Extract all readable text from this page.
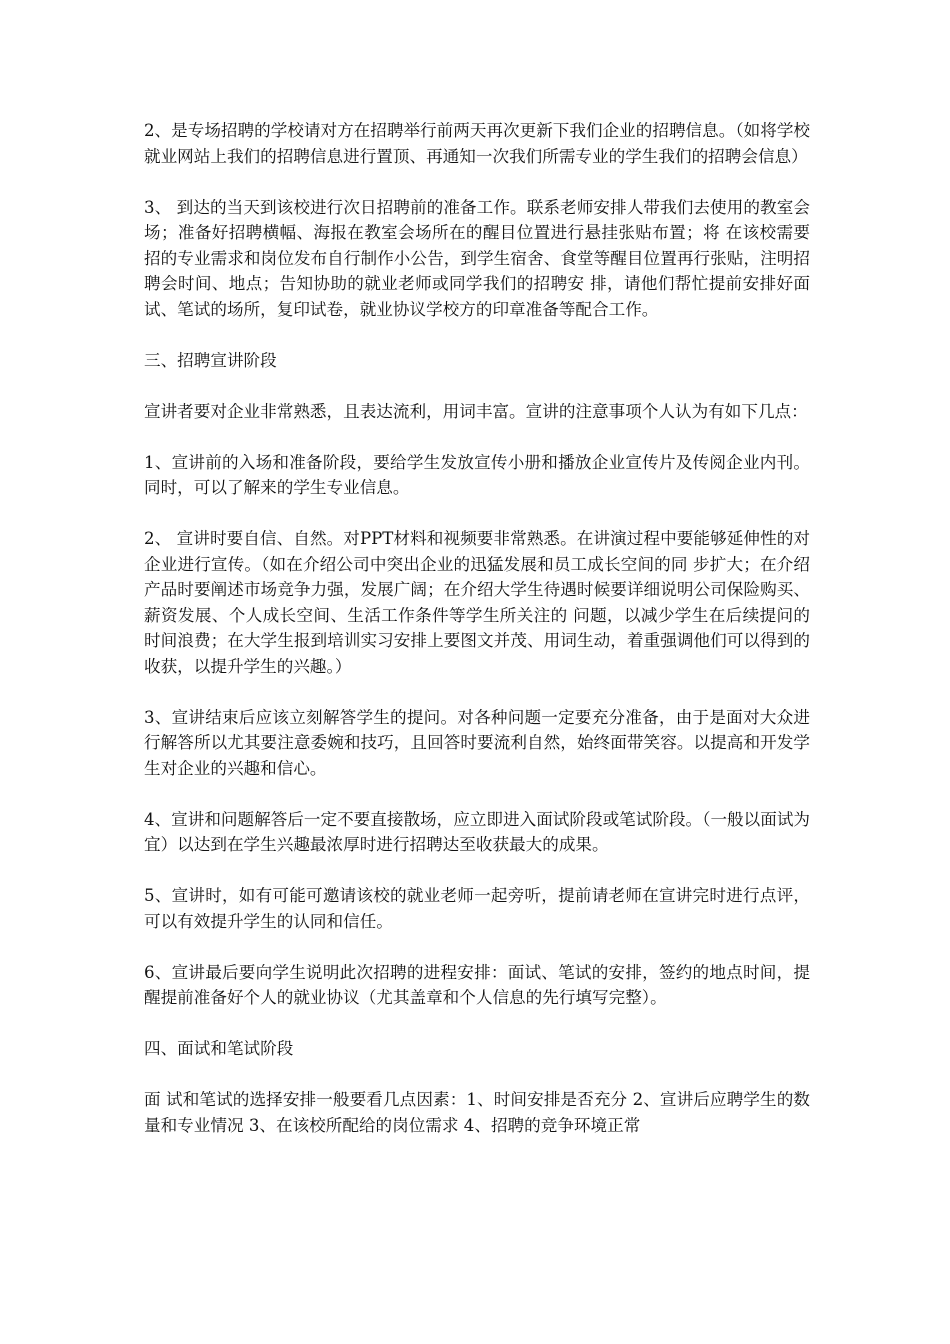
2、是专场招聘的学校请对方在招聘举行前两天再次更新下我们企业的招聘信息。（如将学校就业网站上我们的招聘信息进行置顶、再通知一次我们所需专业的学生我们的招聘会信息）

3、 到达的当天到该校进行次日招聘前的准备工作。联系老师安排人带我们去使用的教室会场；准备好招聘横幅、海报在教室会场所在的醒目位置进行悬挂张贴布置；将 在该校需要招的专业需求和岗位发布自行制作小公告，到学生宿舍、食堂等醒目位置再行张贴，注明招聘会时间、地点；告知协助的就业老师或同学我们的招聘安 排，请他们帮忙提前安排好面试、笔试的场所，复印试卷，就业协议学校方的印章准备等配合工作。

三、招聘宣讲阶段

宣讲者要对企业非常熟悉，且表达流利，用词丰富。宣讲的注意事项个人认为有如下几点：

1、宣讲前的入场和准备阶段，要给学生发放宣传小册和播放企业宣传片及传阅企业内刊。同时，可以了解来的学生专业信息。

2、 宣讲时要自信、自然。对PPT材料和视频要非常熟悉。在讲演过程中要能够延伸性的对企业进行宣传。（如在介绍公司中突出企业的迅猛发展和员工成长空间的同 步扩大；在介绍产品时要阐述市场竞争力强，发展广阔；在介绍大学生待遇时候要详细说明公司保险购买、薪资发展、个人成长空间、生活工作条件等学生所关注的 问题，以减少学生在后续提问的时间浪费；在大学生报到培训实习安排上要图文并茂、用词生动，着重强调他们可以得到的收获，以提升学生的兴趣。）

3、宣讲结束后应该立刻解答学生的提问。对各种问题一定要充分准备，由于是面对大众进行解答所以尤其要注意委婉和技巧，且回答时要流利自然，始终面带笑容。以提高和开发学生对企业的兴趣和信心。

4、宣讲和问题解答后一定不要直接散场，应立即进入面试阶段或笔试阶段。（一般以面试为宜）以达到在学生兴趣最浓厚时进行招聘达至收获最大的成果。

5、宣讲时，如有可能可邀请该校的就业老师一起旁听，提前请老师在宣讲完时进行点评，可以有效提升学生的认同和信任。

6、宣讲最后要向学生说明此次招聘的进程安排：面试、笔试的安排，签约的地点时间，提醒提前准备好个人的就业协议（尤其盖章和个人信息的先行填写完整）。

四、面试和笔试阶段

面 试和笔试的选择安排一般要看几点因素：1、时间安排是否充分 2、宣讲后应聘学生的数量和专业情况 3、在该校所配给的岗位需求 4、招聘的竞争环境正常
